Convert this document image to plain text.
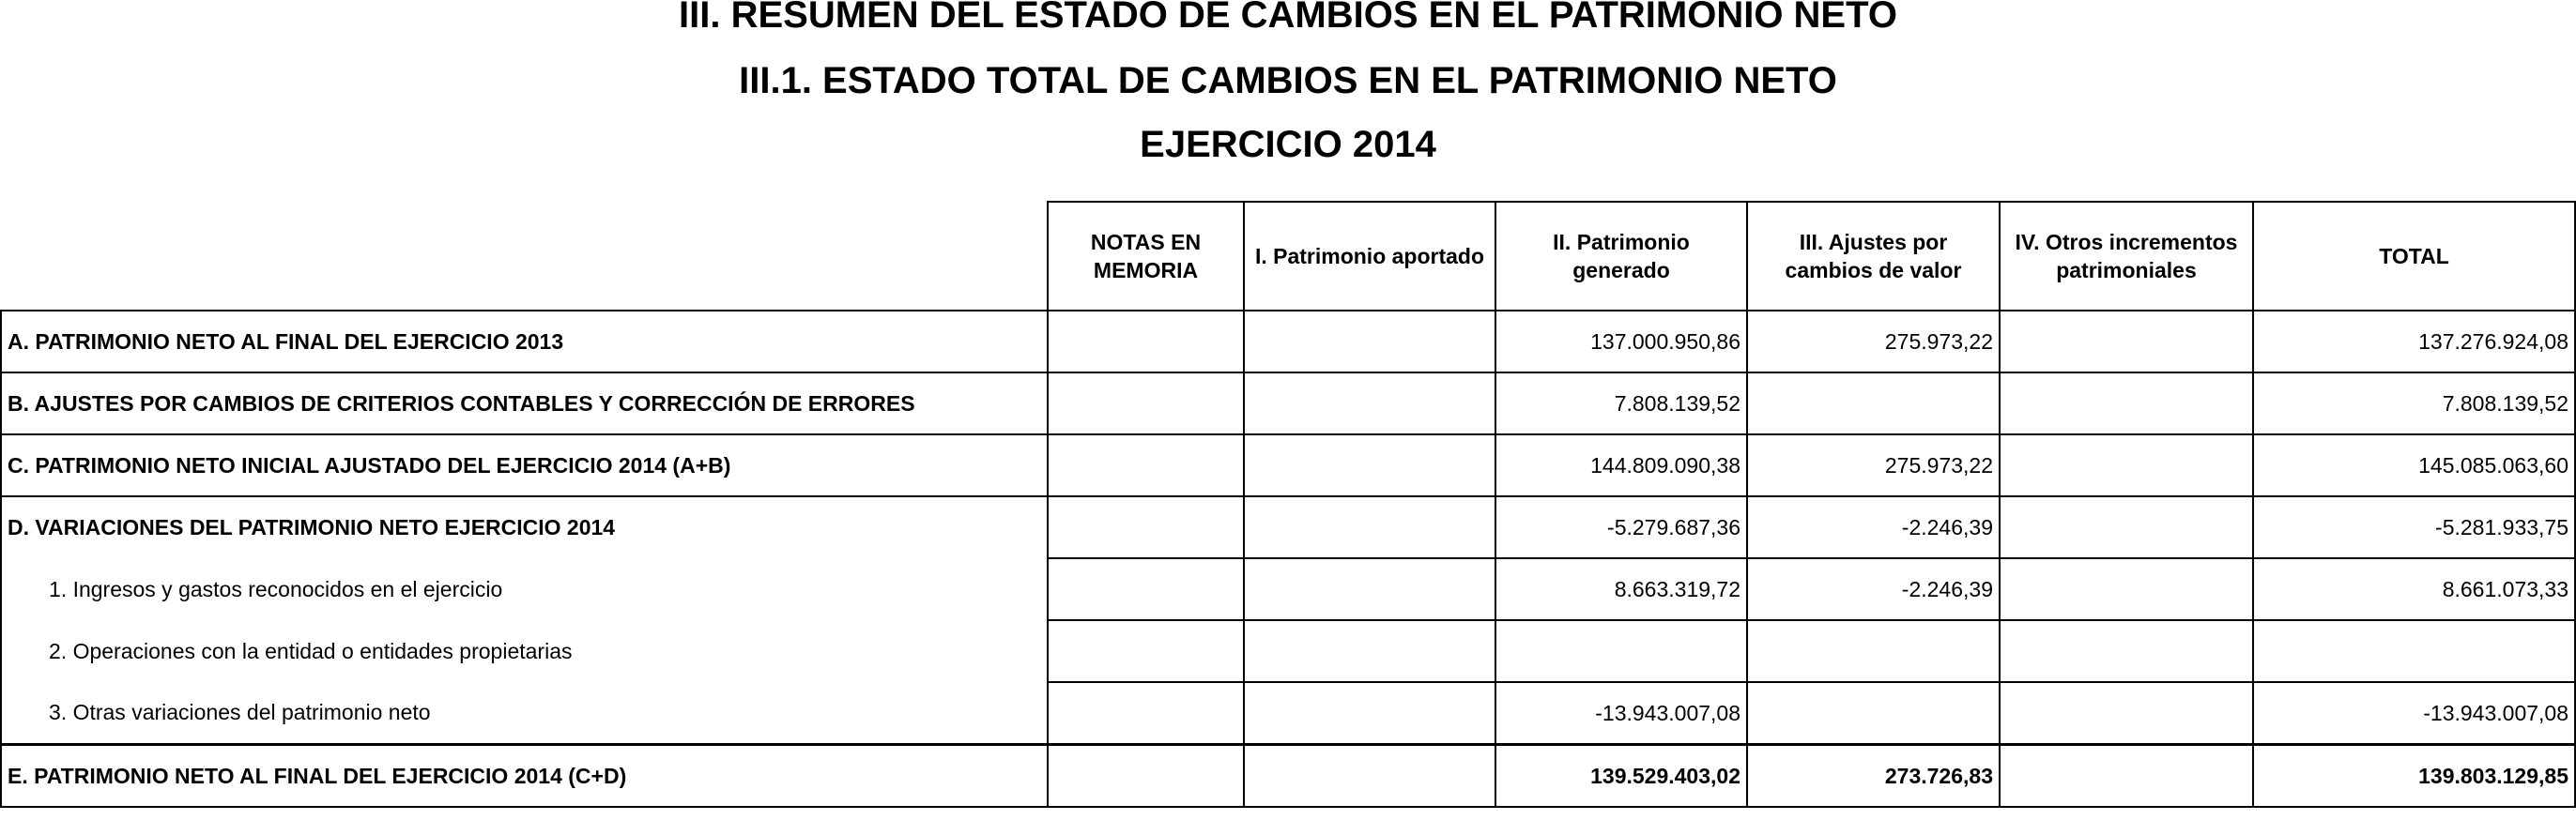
III. RESUMEN DEL ESTADO DE CAMBIOS EN EL PATRIMONIO NETO
III.1. ESTADO TOTAL DE CAMBIOS EN EL PATRIMONIO NETO
EJERCICIO 2014
	NOTAS EN MEMORIA	I. Patrimonio aportado	II. Patrimonio generado	III. Ajustes por cambios de valor	IV. Otros incrementos patrimoniales	TOTAL
A. PATRIMONIO NETO AL FINAL DEL EJERCICIO 2013			137.000.950,86	275.973,22		137.276.924,08
B. AJUSTES POR CAMBIOS DE CRITERIOS CONTABLES Y CORRECCIÓN DE ERRORES			7.808.139,52			7.808.139,52
C. PATRIMONIO NETO INICIAL AJUSTADO DEL EJERCICIO 2014 (A+B)			144.809.090,38	275.973,22		145.085.063,60
D. VARIACIONES DEL PATRIMONIO NETO EJERCICIO 2014			-5.279.687,36	-2.246,39		-5.281.933,75
1. Ingresos y gastos reconocidos en el ejercicio			8.663.319,72	-2.246,39		8.661.073,33
2. Operaciones con la entidad o entidades propietarias						
3. Otras variaciones del patrimonio neto			-13.943.007,08			-13.943.007,08
E. PATRIMONIO NETO AL FINAL DEL EJERCICIO 2014 (C+D)			139.529.403,02	273.726,83		139.803.129,85
